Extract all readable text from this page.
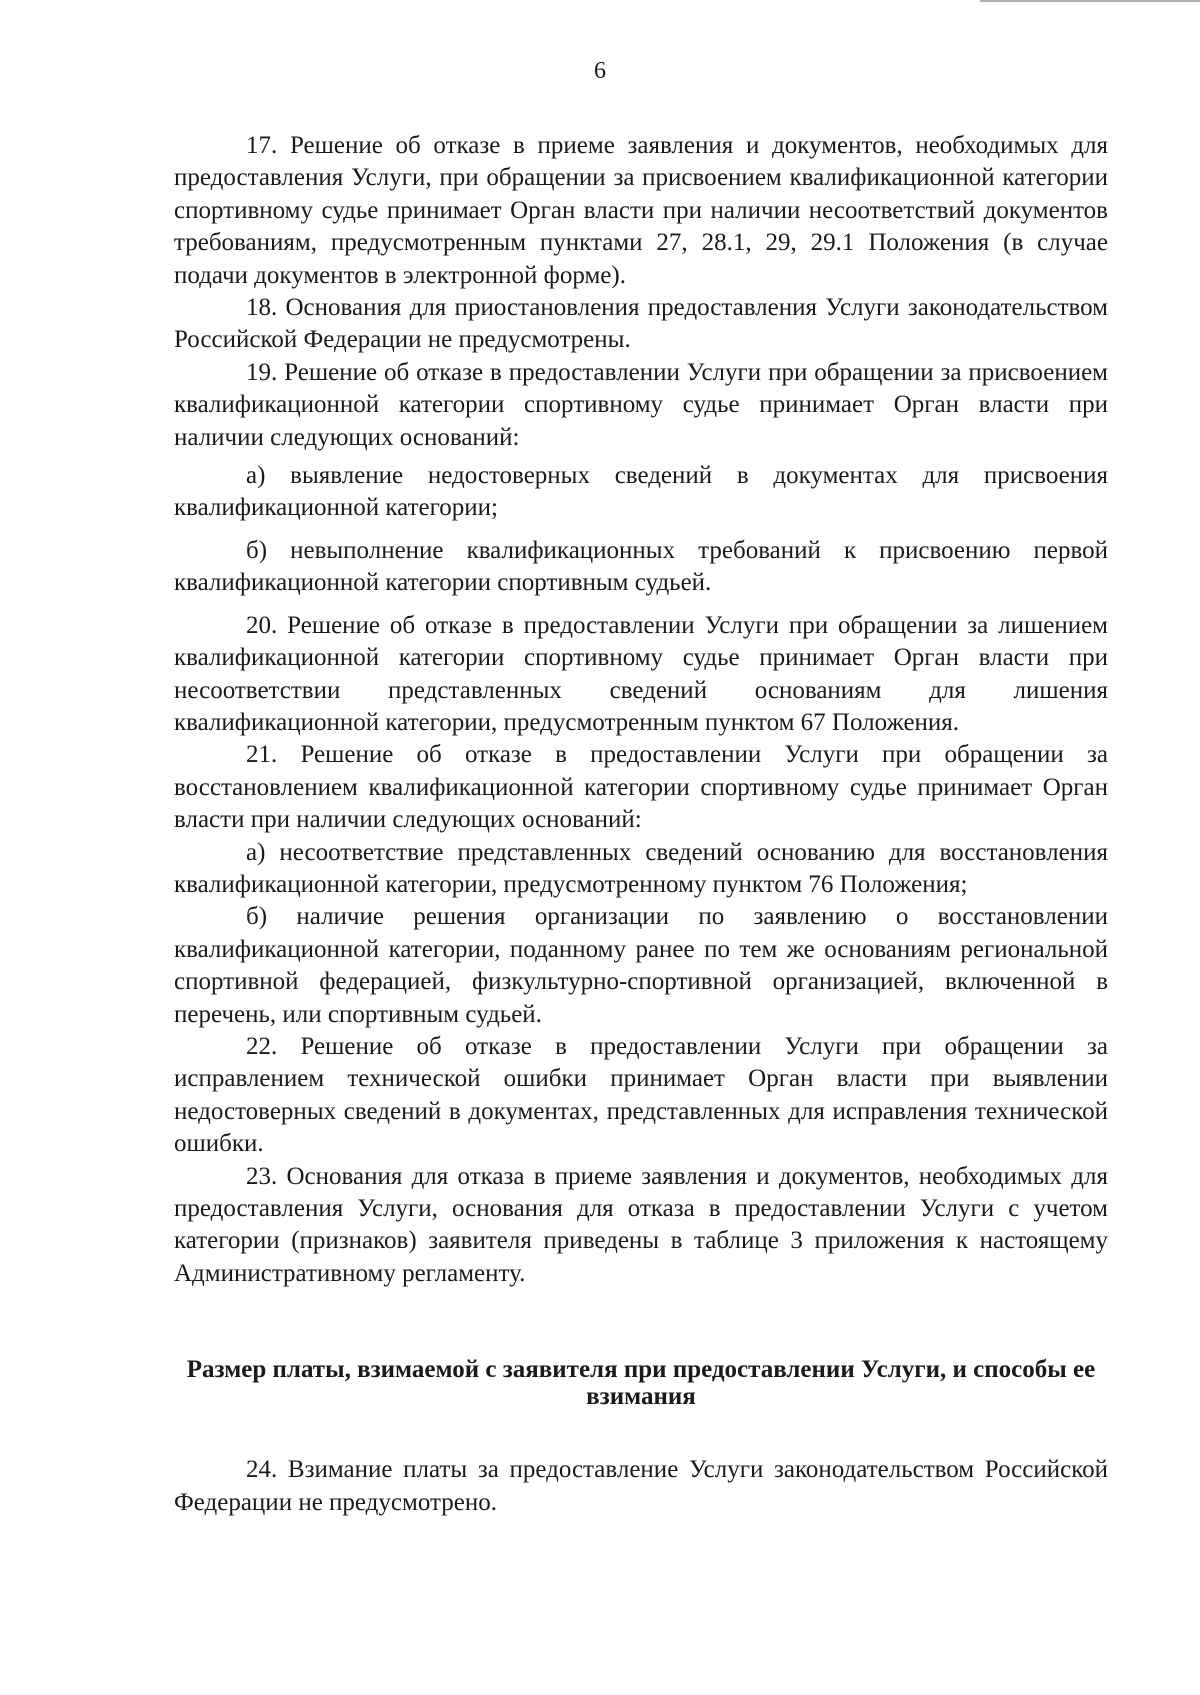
6

17. Решение об отказе в приеме заявления и документов, необходимых для предоставления Услуги, при обращении за присвоением квалификационной категории спортивному судье принимает Орган власти при наличии несоответствий документов требованиям, предусмотренным пунктами 27, 28.1, 29, 29.1 Положения (в случае подачи документов в электронной форме).

18. Основания для приостановления предоставления Услуги законодательством Российской Федерации не предусмотрены.

19. Решение об отказе в предоставлении Услуги при обращении за присвоением квалификационной категории спортивному судье принимает Орган власти при наличии следующих оснований:

а) выявление недостоверных сведений в документах для присвоения квалификационной категории;

б) невыполнение квалификационных требований к присвоению первой квалификационной категории спортивным судьей.

20. Решение об отказе в предоставлении Услуги при обращении за лишением квалификационной категории спортивному судье принимает Орган власти при несоответствии представленных сведений основаниям для лишения квалификационной категории, предусмотренным пунктом 67 Положения.

21. Решение об отказе в предоставлении Услуги при обращении за восстановлением квалификационной категории спортивному судье принимает Орган власти при наличии следующих оснований:

а) несоответствие представленных сведений основанию для восстановления квалификационной категории, предусмотренному пунктом 76 Положения;

б) наличие решения организации по заявлению о восстановлении квалификационной категории, поданному ранее по тем же основаниям региональной спортивной федерацией, физкультурно-спортивной организацией, включенной в перечень, или спортивным судьей.

22. Решение об отказе в предоставлении Услуги при обращении за исправлением технической ошибки принимает Орган власти при выявлении недостоверных сведений в документах, представленных для исправления технической ошибки.

23. Основания для отказа в приеме заявления и документов, необходимых для предоставления Услуги, основания для отказа в предоставлении Услуги с учетом категории (признаков) заявителя приведены в таблице 3 приложения к настоящему Административному регламенту.

Размер платы, взимаемой с заявителя при предоставлении Услуги, и способы ее взимания

24. Взимание платы за предоставление Услуги законодательством Российской Федерации не предусмотрено.
